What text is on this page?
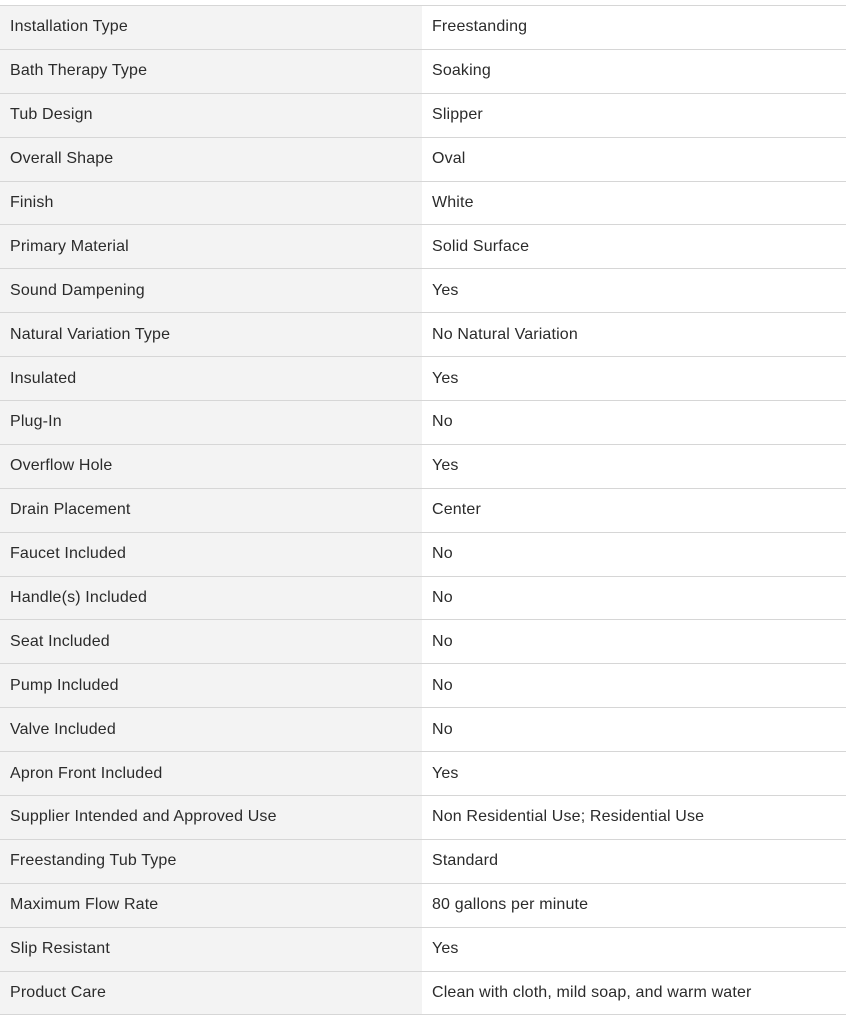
Installation Type	Freestanding
Bath Therapy Type	Soaking
Tub Design	Slipper
Overall Shape	Oval
Finish	White
Primary Material	Solid Surface
Sound Dampening	Yes
Natural Variation Type	No Natural Variation
Insulated	Yes
Plug-In	No
Overflow Hole	Yes
Drain Placement	Center
Faucet Included	No
Handle(s) Included	No
Seat Included	No
Pump Included	No
Valve Included	No
Apron Front Included	Yes
Supplier Intended and Approved Use	Non Residential Use; Residential Use
Freestanding Tub Type	Standard
Maximum Flow Rate	80 gallons per minute
Slip Resistant	Yes
Product Care	Clean with cloth, mild soap, and warm water
